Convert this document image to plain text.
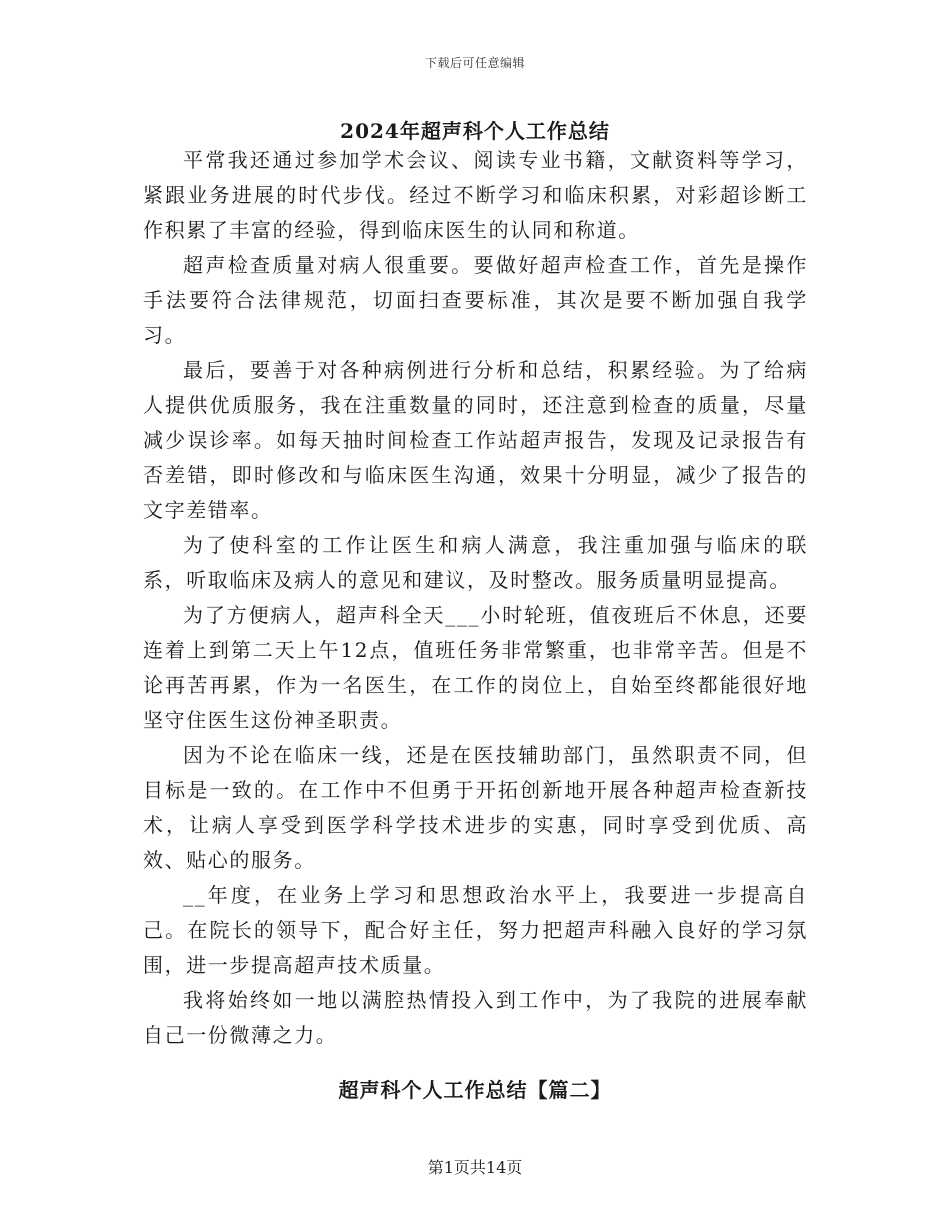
下载后可任意编辑
2024年超声科个人工作总结

平常我还通过参加学术会议、阅读专业书籍，文献资料等学习，紧跟业务进展的时代步伐。经过不断学习和临床积累，对彩超诊断工作积累了丰富的经验，得到临床医生的认同和称道。

超声检查质量对病人很重要。要做好超声检查工作，首先是操作手法要符合法律规范，切面扫查要标准，其次是要不断加强自我学习。

最后，要善于对各种病例进行分析和总结，积累经验。为了给病人提供优质服务，我在注重数量的同时，还注意到检查的质量，尽量减少误诊率。如每天抽时间检查工作站超声报告，发现及记录报告有否差错，即时修改和与临床医生沟通，效果十分明显，减少了报告的文字差错率。

为了使科室的工作让医生和病人满意，我注重加强与临床的联系，听取临床及病人的意见和建议，及时整改。服务质量明显提高。

为了方便病人，超声科全天___小时轮班，值夜班后不休息，还要连着上到第二天上午12点，值班任务非常繁重，也非常辛苦。但是不论再苦再累，作为一名医生，在工作的岗位上，自始至终都能很好地坚守住医生这份神圣职责。

因为不论在临床一线，还是在医技辅助部门，虽然职责不同，但目标是一致的。在工作中不但勇于开拓创新地开展各种超声检查新技术，让病人享受到医学科学技术进步的实惠，同时享受到优质、高效、贴心的服务。

__年度，在业务上学习和思想政治水平上，我要进一步提高自己。在院长的领导下，配合好主任，努力把超声科融入良好的学习氛围，进一步提高超声技术质量。

我将始终如一地以满腔热情投入到工作中，为了我院的进展奉献自己一份微薄之力。

超声科个人工作总结【篇二】
第1页共14页
